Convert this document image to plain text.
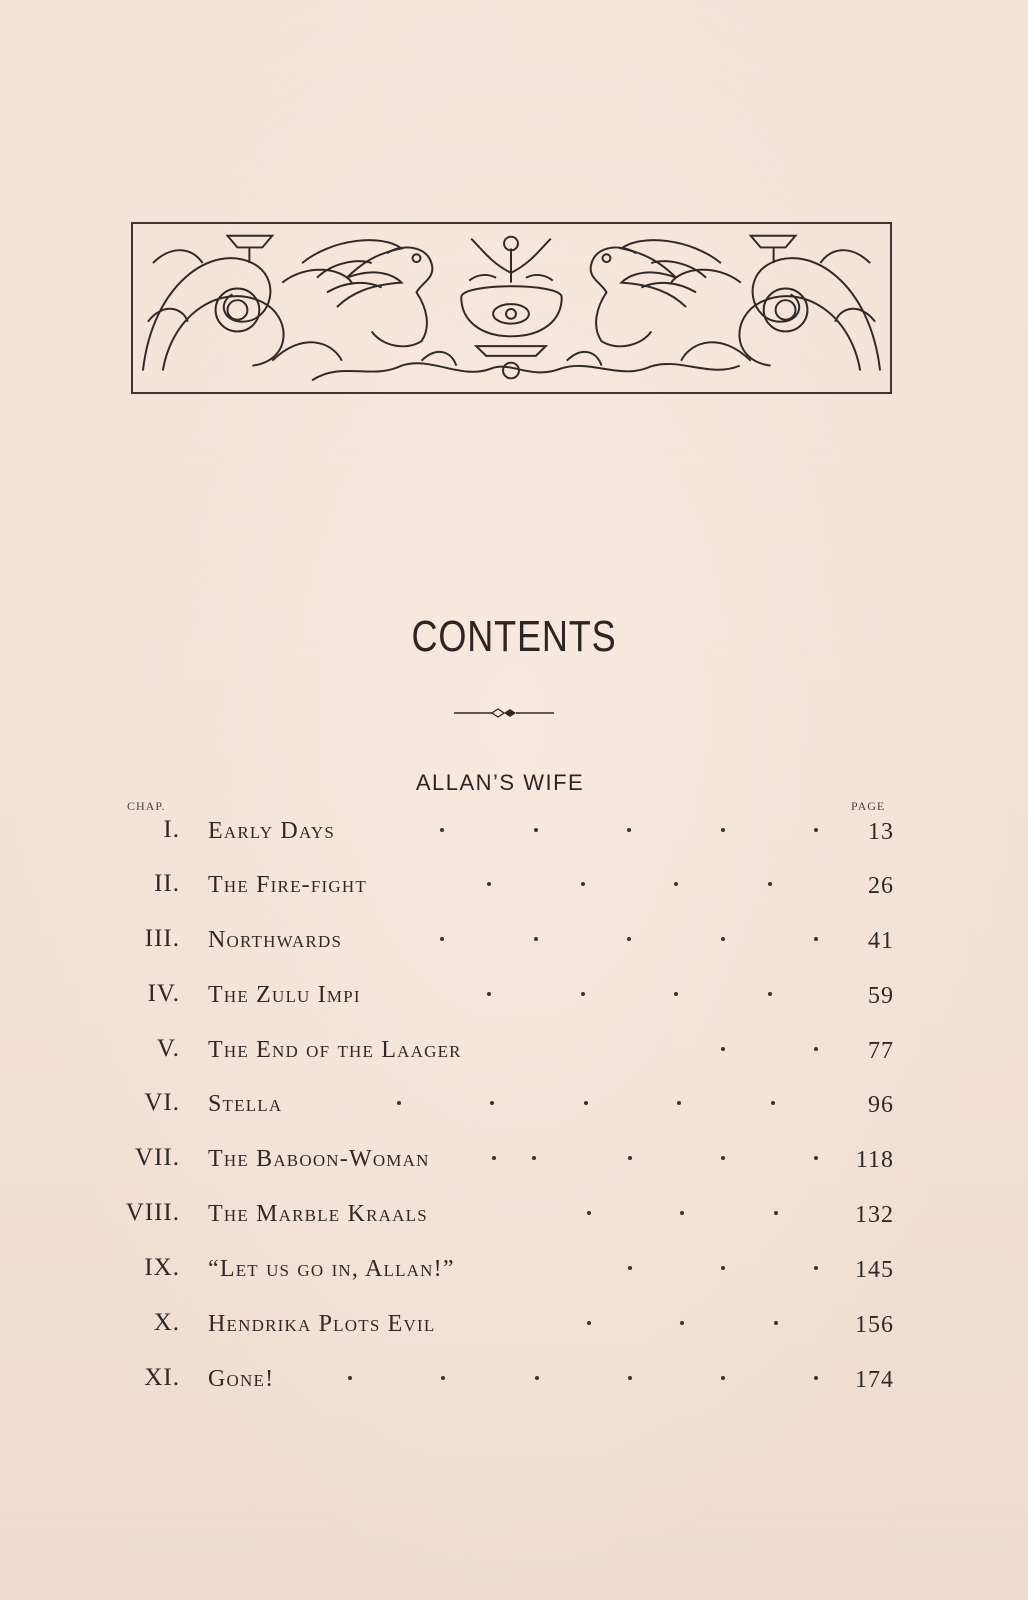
CONTENTS
ALLAN’S WIFE
CHAP.	PAGE
I. Early Days	13
II. The Fire-fight	26
III. Northwards	41
IV. The Zulu Impi	59
V. The End of the Laager	77
VI. Stella	96
VII. The Baboon-Woman	118
VIII. The Marble Kraals	132
IX. “Let us go in, Allan!”	145
X. Hendrika Plots Evil	156
XI. Gone!	174
